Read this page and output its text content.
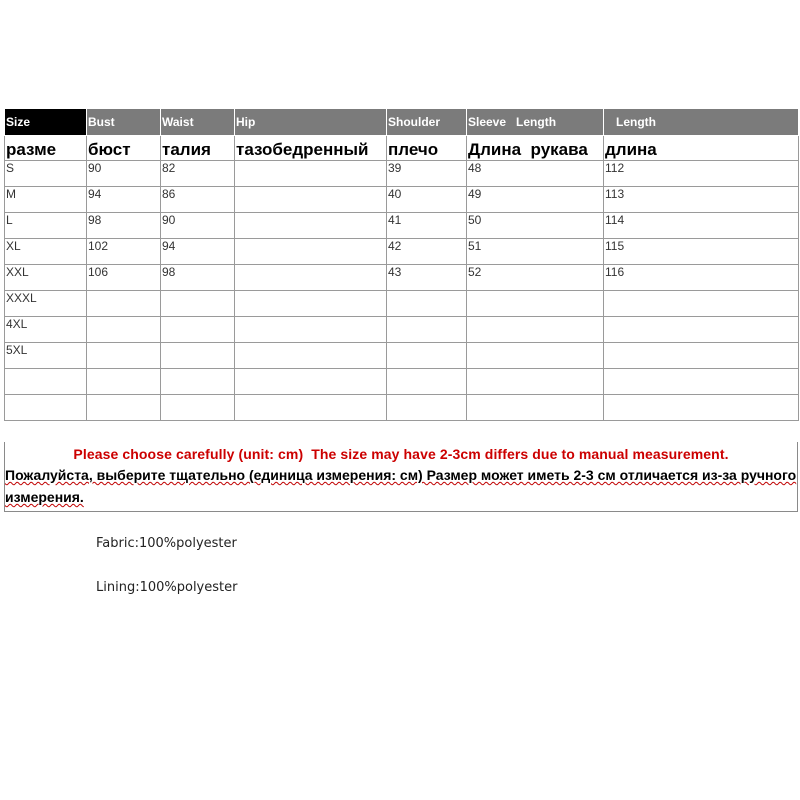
Size	Bust	Waist	Hip	Shoulder	Sleeve   Length	Length
разме	бюст	талия	тазобедренный	плечо	Длина  рукава	длина
S	90	82		39	48	112
M	94	86		40	49	113
L	98	90		41	50	114
XL	102	94		42	51	115
XXL	106	98		43	52	116
XXXL						
4XL						
5XL						

Please choose carefully (unit: cm)  The size may have 2-3cm differs due to manual measurement.
Пожалуйста, выберите тщательно (единица измерения: см) Размер может иметь 2-3 см отличается из-за ручного измерения.
Fabric:100%polyester
Lining:100%polyester
